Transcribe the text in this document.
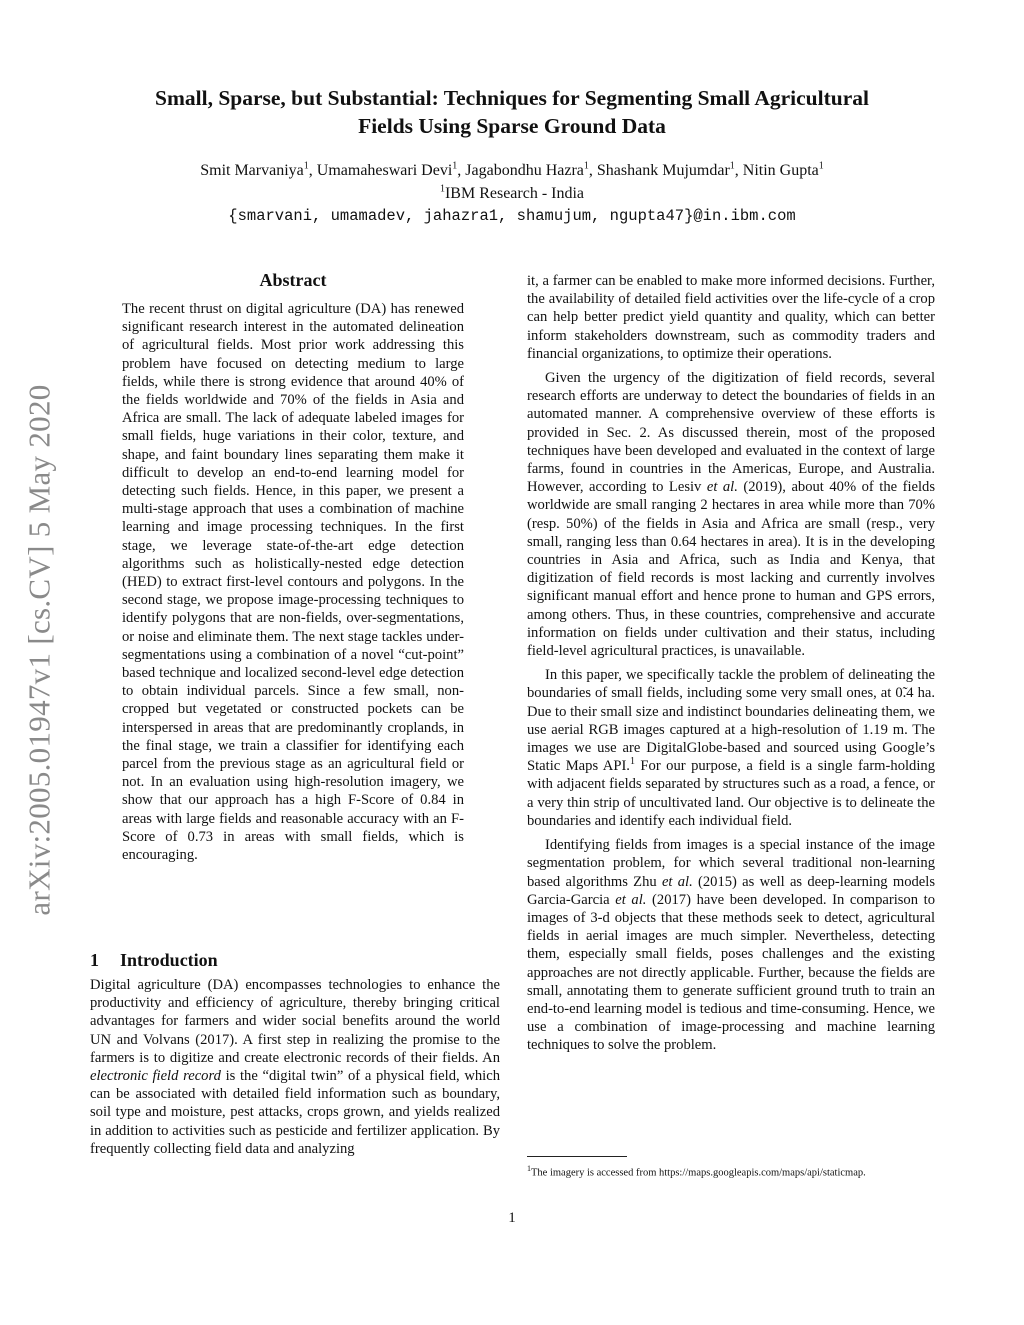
arXiv:2005.01947v1 [cs.CV] 5 May 2020
Small, Sparse, but Substantial: Techniques for Segmenting Small Agricultural
Fields Using Sparse Ground Data
Smit Marvaniya$^1$, Umamaheswari Devi$^1$, Jagabondhu Hazra$^1$, Shashank Mujumdar$^1$, Nitin Gupta$^1$
$^1$IBM Research - India
{smarvani, umamadev, jahazra1, shamujum, ngupta47}@in.ibm.com
Abstract
The recent thrust on digital agriculture (DA) has renewed significant research interest in the automated delineation of agricultural fields. Most prior work addressing this problem have focused on detecting medium to large fields, while there is strong evidence that around 40% of the fields worldwide and 70% of the fields in Asia and Africa are small. The lack of adequate labeled images for small fields, huge variations in their color, texture, and shape, and faint boundary lines separating them make it difficult to develop an end-to-end learning model for detecting such fields. Hence, in this paper, we present a multi-stage approach that uses a combination of machine learning and image processing techniques. In the first stage, we leverage state-of-the-art edge detection algorithms such as holistically-nested edge detection (HED) to extract first-level contours and polygons. In the second stage, we propose image-processing techniques to identify polygons that are non-fields, over-segmentations, or noise and eliminate them. The next stage tackles under-segmentations using a combination of a novel “cut-point” based technique and localized second-level edge detection to obtain individual parcels. Since a few small, non-cropped but vegetated or constructed pockets can be interspersed in areas that are predominantly croplands, in the final stage, we train a classifier for identifying each parcel from the previous stage as an agricultural field or not. In an evaluation using high-resolution imagery, we show that our approach has a high F-Score of 0.84 in areas with large fields and reasonable accuracy with an F-Score of 0.73 in areas with small fields, which is encouraging.
1 Introduction
Digital agriculture (DA) encompasses technologies to enhance the productivity and efficiency of agriculture, thereby bringing critical advantages for farmers and wider social benefits around the world UN and Volvans (2017). A first step in realizing the promise to the farmers is to digitize and create electronic records of their fields. An electronic field record is the “digital twin” of a physical field, which can be associated with detailed field information such as boundary, soil type and moisture, pest attacks, crops grown, and yields realized in addition to activities such as pesticide and fertilizer application. By frequently collecting field data and analyzing

it, a farmer can be enabled to make more informed decisions. Further, the availability of detailed field activities over the life-cycle of a crop can help better predict yield quantity and quality, which can better inform stakeholders downstream, such as commodity traders and financial organizations, to optimize their operations.

Given the urgency of the digitization of field records, several research efforts are underway to detect the boundaries of fields in an automated manner. A comprehensive overview of these efforts is provided in Sec. 2. As discussed therein, most of the proposed techniques have been developed and evaluated in the context of large farms, found in countries in the Americas, Europe, and Australia. However, according to Lesiv et al. (2019), about 40% of the fields worldwide are small ranging 2 hectares in area while more than 70% (resp. 50%) of the fields in Asia and Africa are small (resp., very small, ranging less than 0.64 hectares in area). It is in the developing countries in Asia and Africa, such as India and Kenya, that digitization of field records is most lacking and currently involves significant manual effort and hence prone to human and GPS errors, among others. Thus, in these countries, comprehensive and accurate information on fields under cultivation and their status, including field-level agricultural practices, is unavailable.

In this paper, we specifically tackle the problem of delineating the boundaries of small fields, including some very small ones, at 0̃.4 ha. Due to their small size and indistinct boundaries delineating them, we use aerial RGB images captured at a high-resolution of 1.19 m. The images we use are DigitalGlobe-based and sourced using Google’s Static Maps API.$^1$ For our purpose, a field is a single farm-holding with adjacent fields separated by structures such as a road, a fence, or a very thin strip of uncultivated land. Our objective is to delineate the boundaries and identify each individual field.

Identifying fields from images is a special instance of the image segmentation problem, for which several traditional non-learning based algorithms Zhu et al. (2015) as well as deep-learning models Garcia-Garcia et al. (2017) have been developed. In comparison to images of 3-d objects that these methods seek to detect, agricultural fields in aerial images are much simpler. Nevertheless, detecting them, especially small fields, poses challenges and the existing approaches are not directly applicable. Further, because the fields are small, annotating them to generate sufficient ground truth to train an end-to-end learning model is tedious and time-consuming. Hence, we use a combination of image-processing and machine learning techniques to solve the problem.

$^1$The imagery is accessed from https://maps.googleapis.com/maps/api/staticmap.
1
